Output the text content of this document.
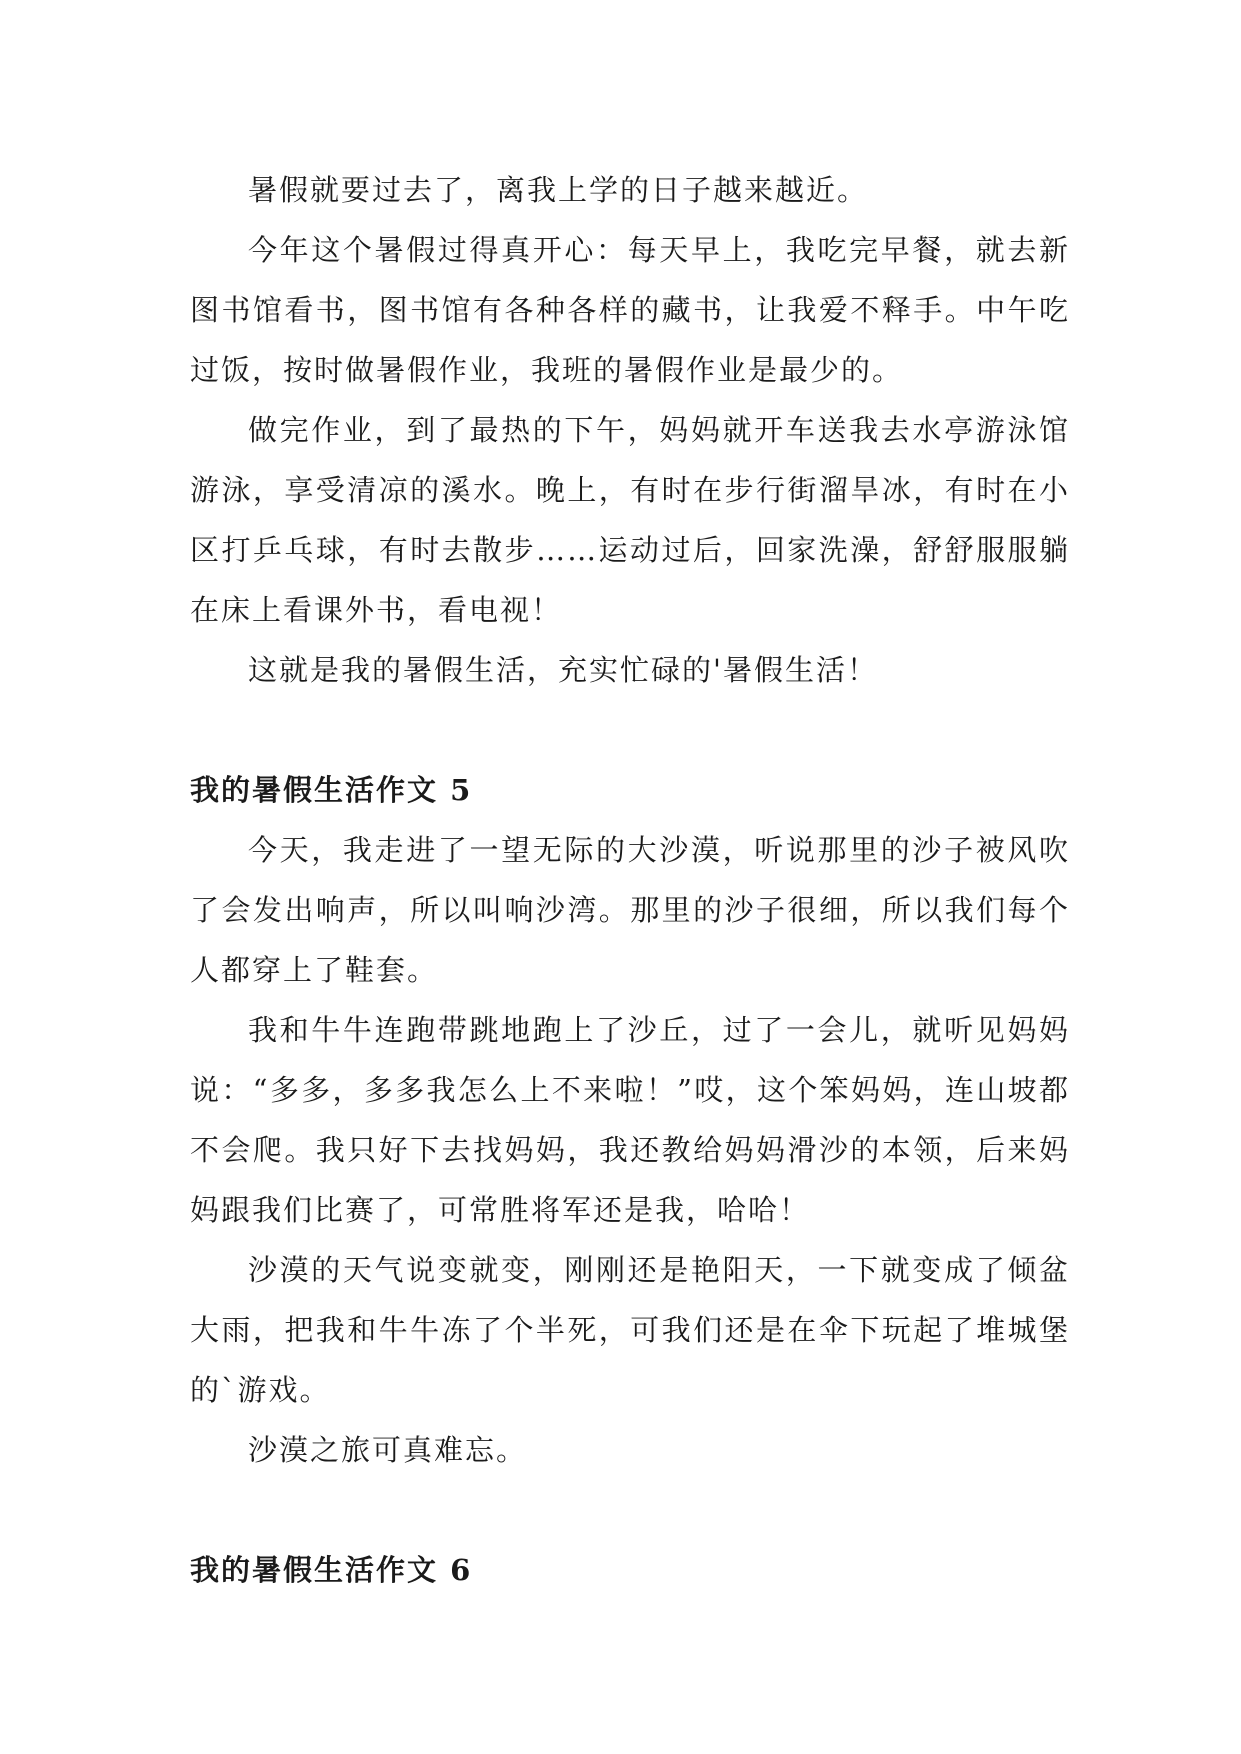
暑假就要过去了，离我上学的日子越来越近。

今年这个暑假过得真开心：每天早上，我吃完早餐，就去新图书馆看书，图书馆有各种各样的藏书，让我爱不释手。中午吃过饭，按时做暑假作业，我班的暑假作业是最少的。

做完作业，到了最热的下午，妈妈就开车送我去水亭游泳馆游泳，享受清凉的溪水。晚上，有时在步行街溜旱冰，有时在小区打乒乓球，有时去散步……运动过后，回家洗澡，舒舒服服躺在床上看课外书，看电视！

这就是我的暑假生活，充实忙碌的'暑假生活！

我的暑假生活作文 5

今天，我走进了一望无际的大沙漠，听说那里的沙子被风吹了会发出响声，所以叫响沙湾。那里的沙子很细，所以我们每个人都穿上了鞋套。

我和牛牛连跑带跳地跑上了沙丘，过了一会儿，就听见妈妈说：“多多，多多我怎么上不来啦！”哎，这个笨妈妈，连山坡都不会爬。我只好下去找妈妈，我还教给妈妈滑沙的本领，后来妈妈跟我们比赛了，可常胜将军还是我，哈哈！

沙漠的天气说变就变，刚刚还是艳阳天，一下就变成了倾盆大雨，把我和牛牛冻了个半死，可我们还是在伞下玩起了堆城堡的`游戏。

沙漠之旅可真难忘。

我的暑假生活作文 6
